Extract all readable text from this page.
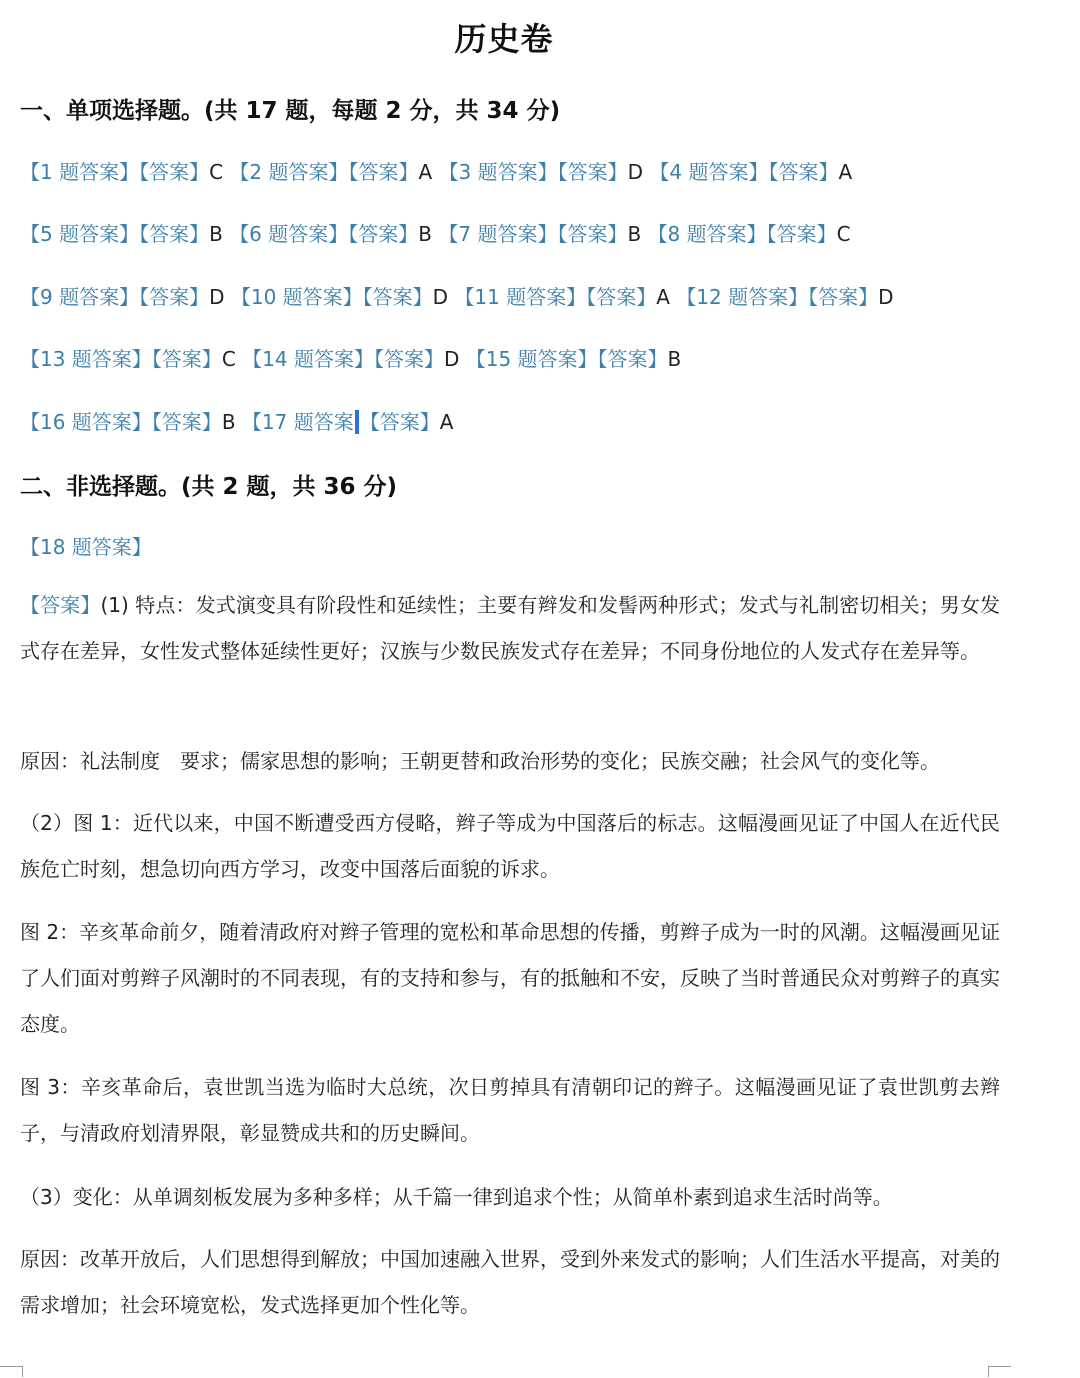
历史卷
一、单项选择题。(共 17 题，每题 2 分，共 34 分)
【1 题答案】【答案】C 【2 题答案】【答案】A 【3 题答案】【答案】D 【4 题答案】【答案】A
【5 题答案】【答案】B 【6 题答案】【答案】B 【7 题答案】【答案】B 【8 题答案】【答案】C
【9 题答案】【答案】D 【10 题答案】【答案】D 【11 题答案】【答案】A 【12 题答案】【答案】D
【13 题答案】【答案】C 【14 题答案】【答案】D 【15 题答案】【答案】B
【16 题答案】【答案】B 【17 题答案 【答案】A
二、非选择题。(共 2 题，共 36 分)
【18 题答案】
【答案】(1) 特点：发式演变具有阶段性和延续性；主要有辫发和发髻两种形式；发式与礼制密切相关；男女发式存在差异，女性发式整体延续性更好；汉族与少数民族发式存在差异；不同身份地位的人发式存在差异等。
原因：礼法制度　要求；儒家思想的影响；王朝更替和政治形势的变化；民族交融；社会风气的变化等。
（2）图 1：近代以来，中国不断遭受西方侵略，辫子等成为中国落后的标志。这幅漫画见证了中国人在近代民族危亡时刻，想急切向西方学习，改变中国落后面貌的诉求。
图 2：辛亥革命前夕，随着清政府对辫子管理的宽松和革命思想的传播，剪辫子成为一时的风潮。这幅漫画见证了人们面对剪辫子风潮时的不同表现，有的支持和参与，有的抵触和不安，反映了当时普通民众对剪辫子的真实态度。
图 3：辛亥革命后，袁世凯当选为临时大总统，次日剪掉具有清朝印记的辫子。这幅漫画见证了袁世凯剪去辫子，与清政府划清界限，彰显赞成共和的历史瞬间。
（3）变化：从单调刻板发展为多种多样；从千篇一律到追求个性；从简单朴素到追求生活时尚等。
原因：改革开放后，人们思想得到解放；中国加速融入世界，受到外来发式的影响；人们生活水平提高，对美的需求增加；社会环境宽松，发式选择更加个性化等。
